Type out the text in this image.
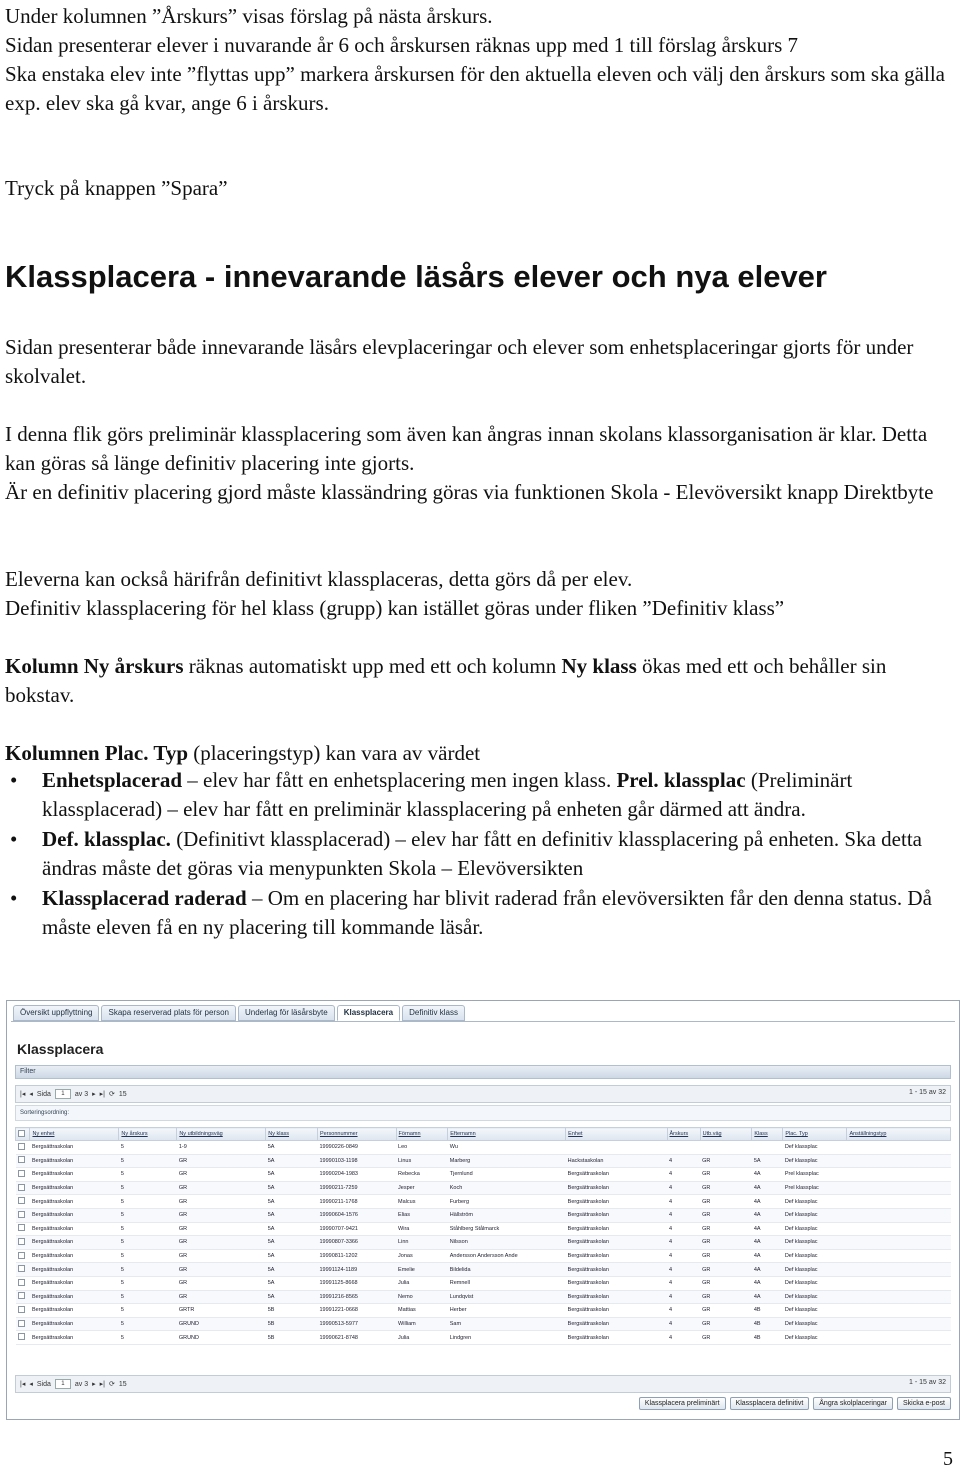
Under kolumnen ”Årskurs” visas förslag på nästa årskurs.
Sidan presenterar elever i nuvarande år 6 och årskursen räknas upp med 1 till förslag årskurs 7
Ska enstaka elev inte ”flyttas upp” markera årskursen för den aktuella eleven och välj den årskurs som ska gälla exp. elev ska gå kvar, ange 6 i årskurs.
Tryck på knappen ”Spara”
Klassplacera - innevarande läsårs elever och nya elever
Sidan presenterar både innevarande läsårs elevplaceringar och elever som enhetsplaceringar gjorts för under skolvalet.
I denna flik görs preliminär klassplacering som även kan ångras innan skolans klassorganisation är klar. Detta kan göras så länge definitiv placering inte gjorts.
Är en definitiv placering gjord måste klassändring göras via funktionen Skola - Elevöversikt knapp Direktbyte
Eleverna kan också härifrån definitivt klassplaceras, detta görs då per elev.
Definitiv klassplacering för hel klass (grupp) kan istället göras under fliken ”Definitiv klass”
Kolumn Ny årskurs räknas automatiskt upp med ett och kolumn Ny klass ökas med ett och behåller sin bokstav.
Kolumnen Plac. Typ (placeringstyp) kan vara av värdet
• Enhetsplacerad – elev har fått en enhetsplacering men ingen klass. Prel. klassplac (Preliminärt klassplacerad) – elev har fått en preliminär klassplacering på enheten går därmed att ändra.
• Def. klassplac. (Definitivt klassplacerad) – elev har fått en definitiv klassplacering på enheten. Ska detta ändras måste det göras via menypunkten Skola – Elevöversikten
• Klassplacerad raderad – Om en placering har blivit raderad från elevöversikten får den denna status. Då måste eleven få en ny placering till kommande läsår.
Översikt uppflyttning	Skapa reserverad plats för person	Underlag för läsårsbyte	Klassplacera	Definitiv klass
Klassplacera
Filter
|◂ ◂ Sida	1	av 3 ▸ ▸| ⟳ 15	1 - 15 av 32
Sorteringsordning:
	Ny enhet	Ny årskurs	Ny utbildningsväg	Ny klass	Personnummer	Förnamn	Efternamn	Enhet	Årskurs	Utb.väg	Klass	Plac. Typ	Anställningstyp
	Bergsättraskolan	5	1-9	5A	19990226-0849	Leo	Wu					Def klassplac	
	Bergsättraskolan	5	GR	5A	19990103-1198	Linus	Marberg	Hackstaskolan	4	GR	5A	Def klassplac	
	Bergsättraskolan	5	GR	5A	19990204-1983	Rebecka	Tjernlund	Bergsättraskolan	4	GR	4A	Prel klassplac	
	Bergsättraskolan	5	GR	5A	19990211-7259	Jesper	Koch	Bergsättraskolan	4	GR	4A	Prel klassplac	
	Bergsättraskolan	5	GR	5A	19990211-1768	Malcus	Furberg	Bergsättraskolan	4	GR	4A	Def klassplac	
	Bergsättraskolan	5	GR	5A	19990604-1576	Elias	Hällström	Bergsättraskolan	4	GR	4A	Def klassplac	
	Bergsättraskolan	5	GR	5A	19990707-9421	Wira	Ståhlberg Stålmarck	Bergsättraskolan	4	GR	4A	Def klassplac	
	Bergsättraskolan	5	GR	5A	19990807-3366	Linn	Nilsson	Bergsättraskolan	4	GR	4A	Def klassplac	
	Bergsättraskolan	5	GR	5A	19990811-1202	Jonas	Andersson Andersson Ande	Bergsättraskolan	4	GR	4A	Def klassplac	
	Bergsättraskolan	5	GR	5A	19991124-1189	Emelie	Bildelida	Bergsättraskolan	4	GR	4A	Def klassplac	
	Bergsättraskolan	5	GR	5A	19991125-8668	Julia	Remnell	Bergsättraskolan	4	GR	4A	Def klassplac	
	Bergsättraskolan	5	GR	5A	19991216-8565	Nemo	Lundqvist	Bergsättraskolan	4	GR	4A	Def klassplac	
	Bergsättraskolan	5	GRTR	5B	19991221-0668	Mattias	Herber	Bergsättraskolan	4	GR	4B	Def klassplac	
	Bergsättraskolan	5	GRUND	5B	19990513-5977	William	Sam	Bergsättraskolan	4	GR	4B	Def klassplac	
	Bergsättraskolan	5	GRUND	5B	19990621-8748	Julia	Lindgren	Bergsättraskolan	4	GR	4B	Def klassplac	
|◂ ◂ Sida	1	av 3 ▸ ▸| ⟳ 15	1 - 15 av 32
Klassplacera preliminärt	Klassplacera definitivt	Ångra skolplaceringar	Skicka e-post
5
